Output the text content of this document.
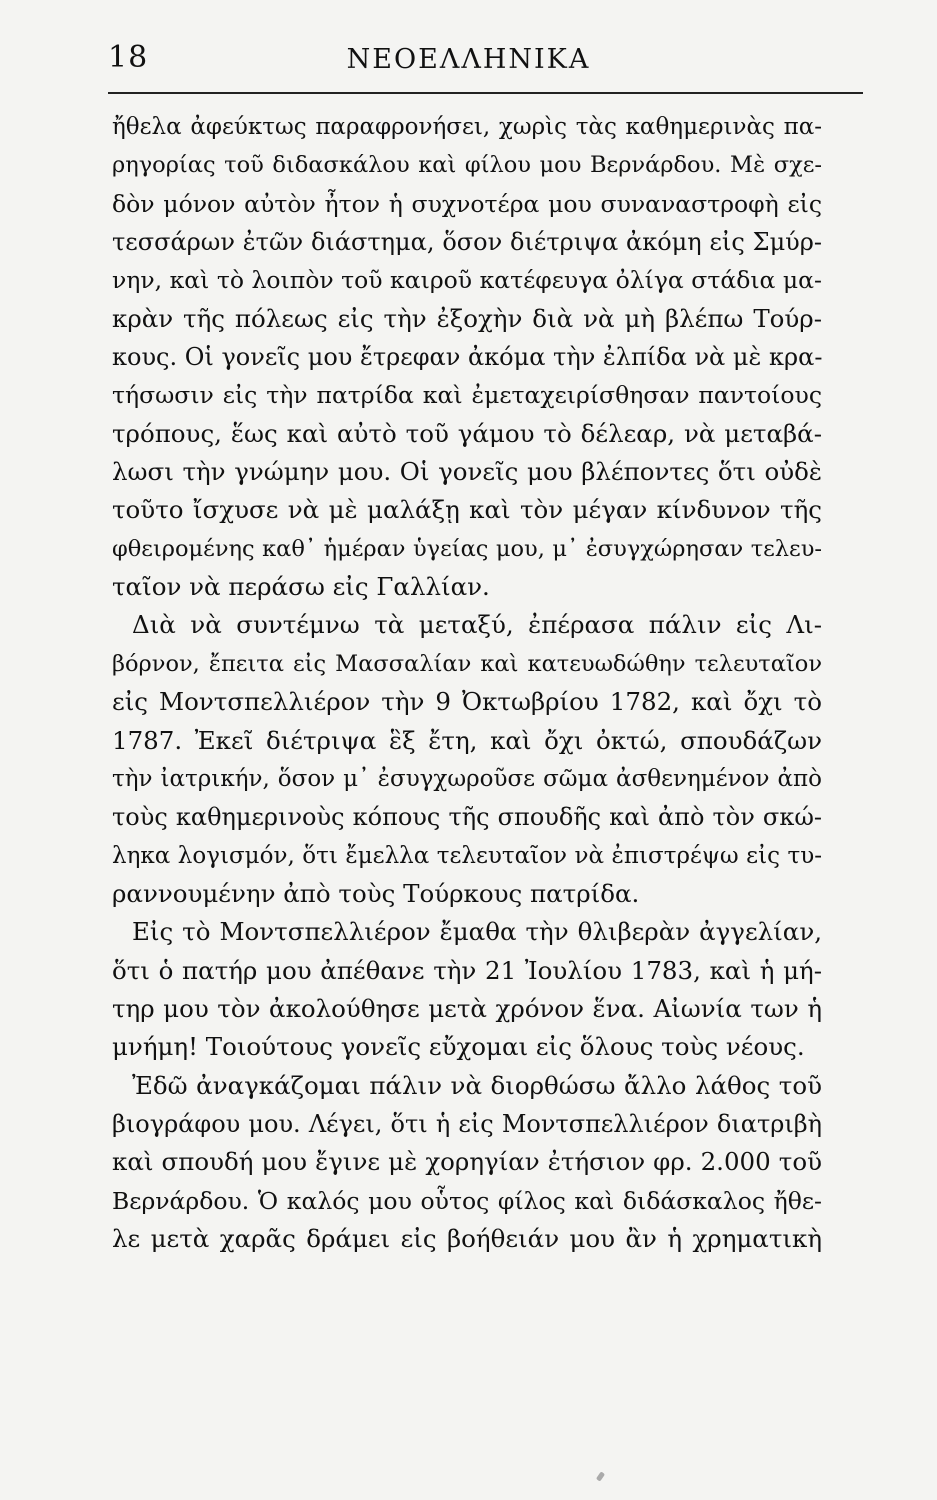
18	ΝΕΟΕΛΛΗΝΙΚΑ
ἤθελα ἀφεύκτως παραφρονήσει, χωρὶς τὰς καθημερινὰς πα-
ρηγορίας τοῦ διδασκάλου καὶ φίλου μου Βερνάρδου. Μὲ σχε-
δὸν μόνον αὐτὸν ἦτον ἡ συχνοτέρα μου συναναστροφὴ εἰς
τεσσάρων ἐτῶν διάστημα, ὅσον διέτριψα ἀκόμη εἰς Σμύρ-
νην, καὶ τὸ λοιπὸν τοῦ καιροῦ κατέφευγα ὀλίγα στάδια μα-
κρὰν τῆς πόλεως εἰς τὴν ἐξοχὴν διὰ νὰ μὴ βλέπω Τούρ-
κους. Οἱ γονεῖς μου ἔτρεφαν ἀκόμα τὴν ἐλπίδα νὰ μὲ κρα-
τήσωσιν εἰς τὴν πατρίδα καὶ ἐμεταχειρίσθησαν παντοίους
τρόπους, ἕως καὶ αὐτὸ τοῦ γάμου τὸ δέλεαρ, νὰ μεταβά-
λωσι τὴν γνώμην μου. Οἱ γονεῖς μου βλέποντες ὅτι οὐδὲ
τοῦτο ἴσχυσε νὰ μὲ μαλάξῃ καὶ τὸν μέγαν κίνδυνον τῆς
φθειρομένης καθ᾽ ἡμέραν ὑγείας μου, μ᾽ ἐσυγχώρησαν τελευ-
ταῖον νὰ περάσω εἰς Γαλλίαν.
Διὰ νὰ συντέμνω τὰ μεταξύ, ἐπέρασα πάλιν εἰς Λι-
βόρνον, ἔπειτα εἰς Μασσαλίαν καὶ κατευωδώθην τελευταῖον
εἰς Μοντσπελλιέρον τὴν 9 Ὀκτωβρίου 1782, καὶ ὄχι τὸ
1787. Ἐκεῖ διέτριψα ἓξ ἔτη, καὶ ὄχι ὀκτώ, σπουδάζων
τὴν ἰατρικήν, ὅσον μ᾽ ἐσυγχωροῦσε σῶμα ἀσθενημένον ἀπὸ
τοὺς καθημερινοὺς κόπους τῆς σπουδῆς καὶ ἀπὸ τὸν σκώ-
ληκα λογισμόν, ὅτι ἔμελλα τελευταῖον νὰ ἐπιστρέψω εἰς τυ-
ραννουμένην ἀπὸ τοὺς Τούρκους πατρίδα.
Εἰς τὸ Μοντσπελλιέρον ἔμαθα τὴν θλιβερὰν ἀγγελίαν,
ὅτι ὁ πατήρ μου ἀπέθανε τὴν 21 Ἰουλίου 1783, καὶ ἡ μή-
τηρ μου τὸν ἀκολούθησε μετὰ χρόνον ἕνα. Αἰωνία των ἡ
μνήμη! Τοιούτους γονεῖς εὔχομαι εἰς ὅλους τοὺς νέους.
Ἐδῶ ἀναγκάζομαι πάλιν νὰ διορθώσω ἄλλο λάθος τοῦ
βιογράφου μου. Λέγει, ὅτι ἡ εἰς Μοντσπελλιέρον διατριβὴ
καὶ σπουδή μου ἔγινε μὲ χορηγίαν ἐτήσιον φρ. 2.000 τοῦ
Βερνάρδου. Ὁ καλός μου οὗτος φίλος καὶ διδάσκαλος ἤθε-
λε μετὰ χαρᾶς δράμει εἰς βοήθειάν μου ἂν ἡ χρηματικὴ
